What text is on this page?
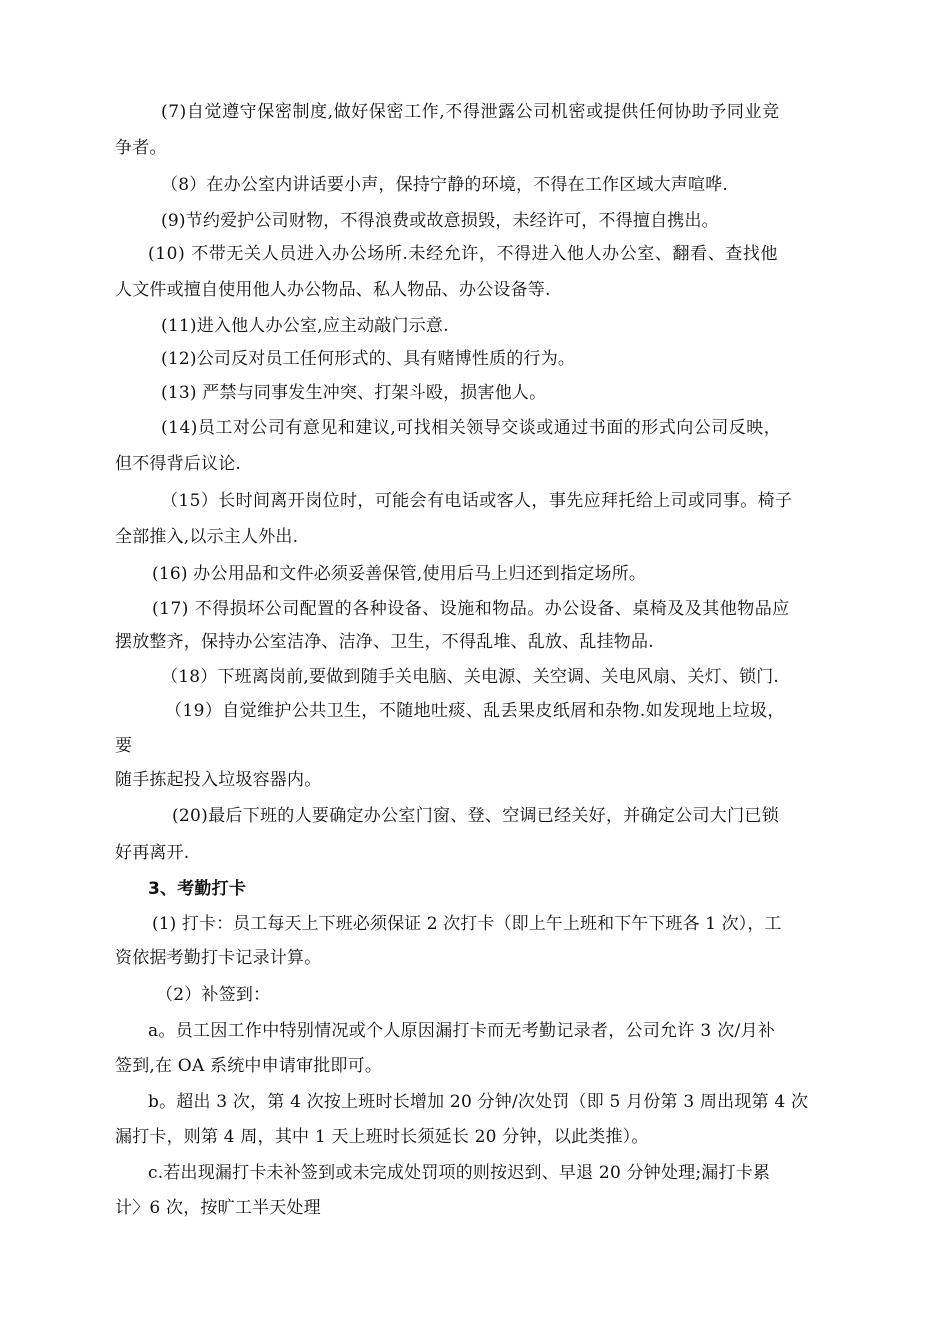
(7)自觉遵守保密制度,做好保密工作,不得泄露公司机密或提供任何协助予同业竞
争者。
（8）在办公室内讲话要小声，保持宁静的环境，不得在工作区域大声喧哗.
(9)节约爱护公司财物，不得浪费或故意损毁，未经许可，不得擅自携出。
(10) 不带无关人员进入办公场所.未经允许，不得进入他人办公室、翻看、查找他
人文件或擅自使用他人办公物品、私人物品、办公设备等.
(11)进入他人办公室,应主动敲门示意.
(12)公司反对员工任何形式的、具有赌博性质的行为。
(13) 严禁与同事发生冲突、打架斗殴，损害他人。
(14)员工对公司有意见和建议,可找相关领导交谈或通过书面的形式向公司反映，
但不得背后议论.
（15）长时间离开岗位时，可能会有电话或客人，事先应拜托给上司或同事。椅子
全部推入,以示主人外出.
(16) 办公用品和文件必须妥善保管,使用后马上归还到指定场所。
(17) 不得损坏公司配置的各种设备、设施和物品。办公设备、桌椅及及其他物品应
摆放整齐，保持办公室洁净、洁净、卫生，不得乱堆、乱放、乱挂物品.
（18）下班离岗前,要做到随手关电脑、关电源、关空调、关电风扇、关灯、锁门.
（19）自觉维护公共卫生，不随地吐痰、乱丢果皮纸屑和杂物.如发现地上垃圾，
要
随手拣起投入垃圾容器内。
(20)最后下班的人要确定办公室门窗、登、空调已经关好，并确定公司大门已锁
好再离开.
3、考勤打卡
(1) 打卡：员工每天上下班必须保证 2 次打卡（即上午上班和下午下班各 1 次），工
资依据考勤打卡记录计算。
（2）补签到：
a。员工因工作中特别情况或个人原因漏打卡而无考勤记录者，公司允许 3 次/月补
签到,在 OA 系统中申请审批即可。
b。超出 3 次，第 4 次按上班时长增加 20 分钟/次处罚（即 5 月份第 3 周出现第 4 次
漏打卡，则第 4 周，其中 1 天上班时长须延长 20 分钟，以此类推）。
c.若出现漏打卡未补签到或未完成处罚项的则按迟到、早退 20 分钟处理;漏打卡累
计〉6 次，按旷工半天处理
